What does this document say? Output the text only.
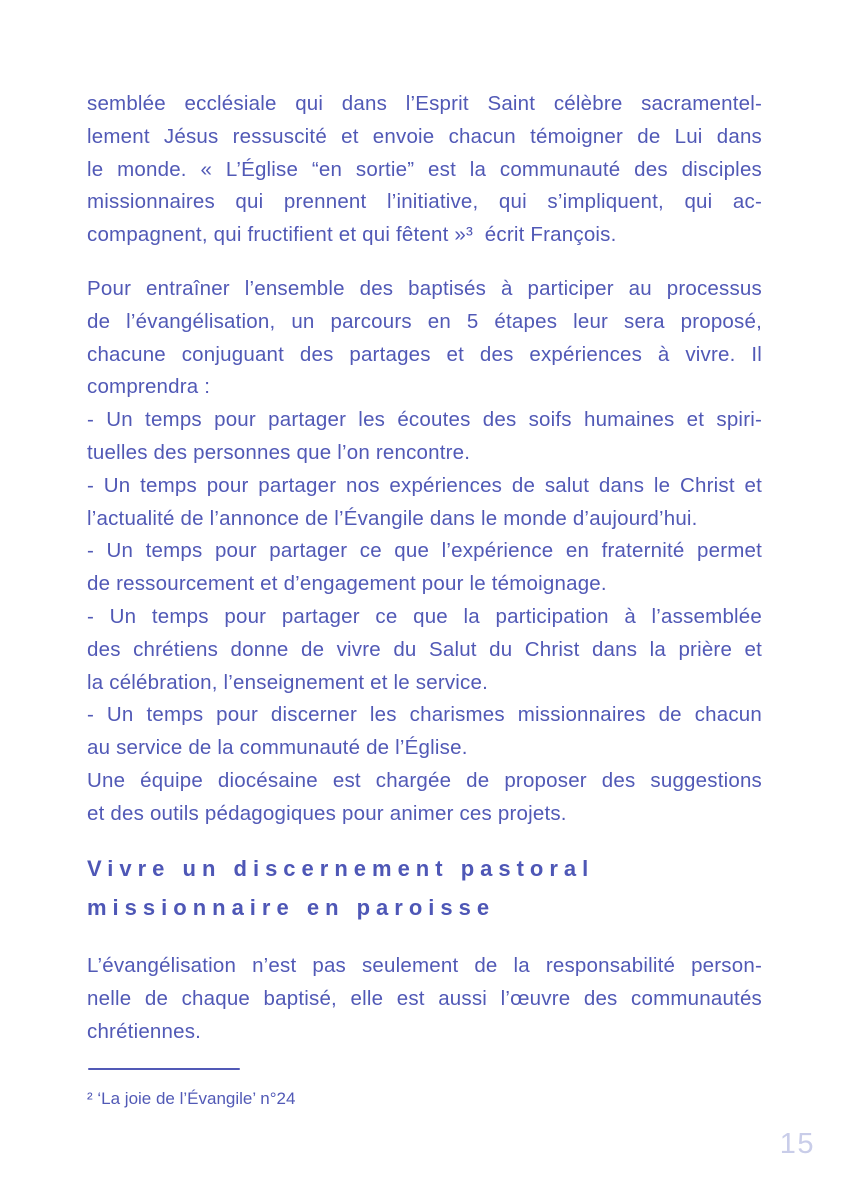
semblée ecclésiale qui dans l’Esprit Saint célèbre sacramentel-
lement Jésus ressuscité et envoie chacun témoigner de Lui dans
le monde. « L’Église “en sortie” est la communauté des disciples
missionnaires qui prennent l’initiative, qui s’impliquent, qui ac-
compagnent, qui fructifient et qui fêtent »³  écrit François.
Pour entraîner l’ensemble des baptisés à participer au processus
de l’évangélisation, un parcours en 5 étapes leur sera proposé,
chacune conjuguant des partages et des expériences à vivre. Il
comprendra :
- Un temps pour partager les écoutes des soifs humaines et spiri-
tuelles des personnes que l’on rencontre.
- Un temps pour partager nos expériences de salut dans le Christ et
l’actualité de l’annonce de l’Évangile dans le monde d’aujourd’hui.
- Un temps pour partager ce que l’expérience en fraternité permet
de ressourcement et d’engagement pour le témoignage.
- Un temps pour partager ce que la participation à l’assemblée
des chrétiens donne de vivre du Salut du Christ dans la prière et
la célébration, l’enseignement et le service.
- Un temps pour discerner les charismes missionnaires de chacun
au service de la communauté de l’Église.
Une équipe diocésaine est chargée de proposer des suggestions
et des outils pédagogiques pour animer ces projets.
Vivre un discernement pastoral
missionnaire en paroisse
L’évangélisation n’est pas seulement de la responsabilité person-
nelle de chaque baptisé, elle est aussi l’œuvre des communautés
chrétiennes.
² ‘La joie de l’Évangile’ n°24
15
